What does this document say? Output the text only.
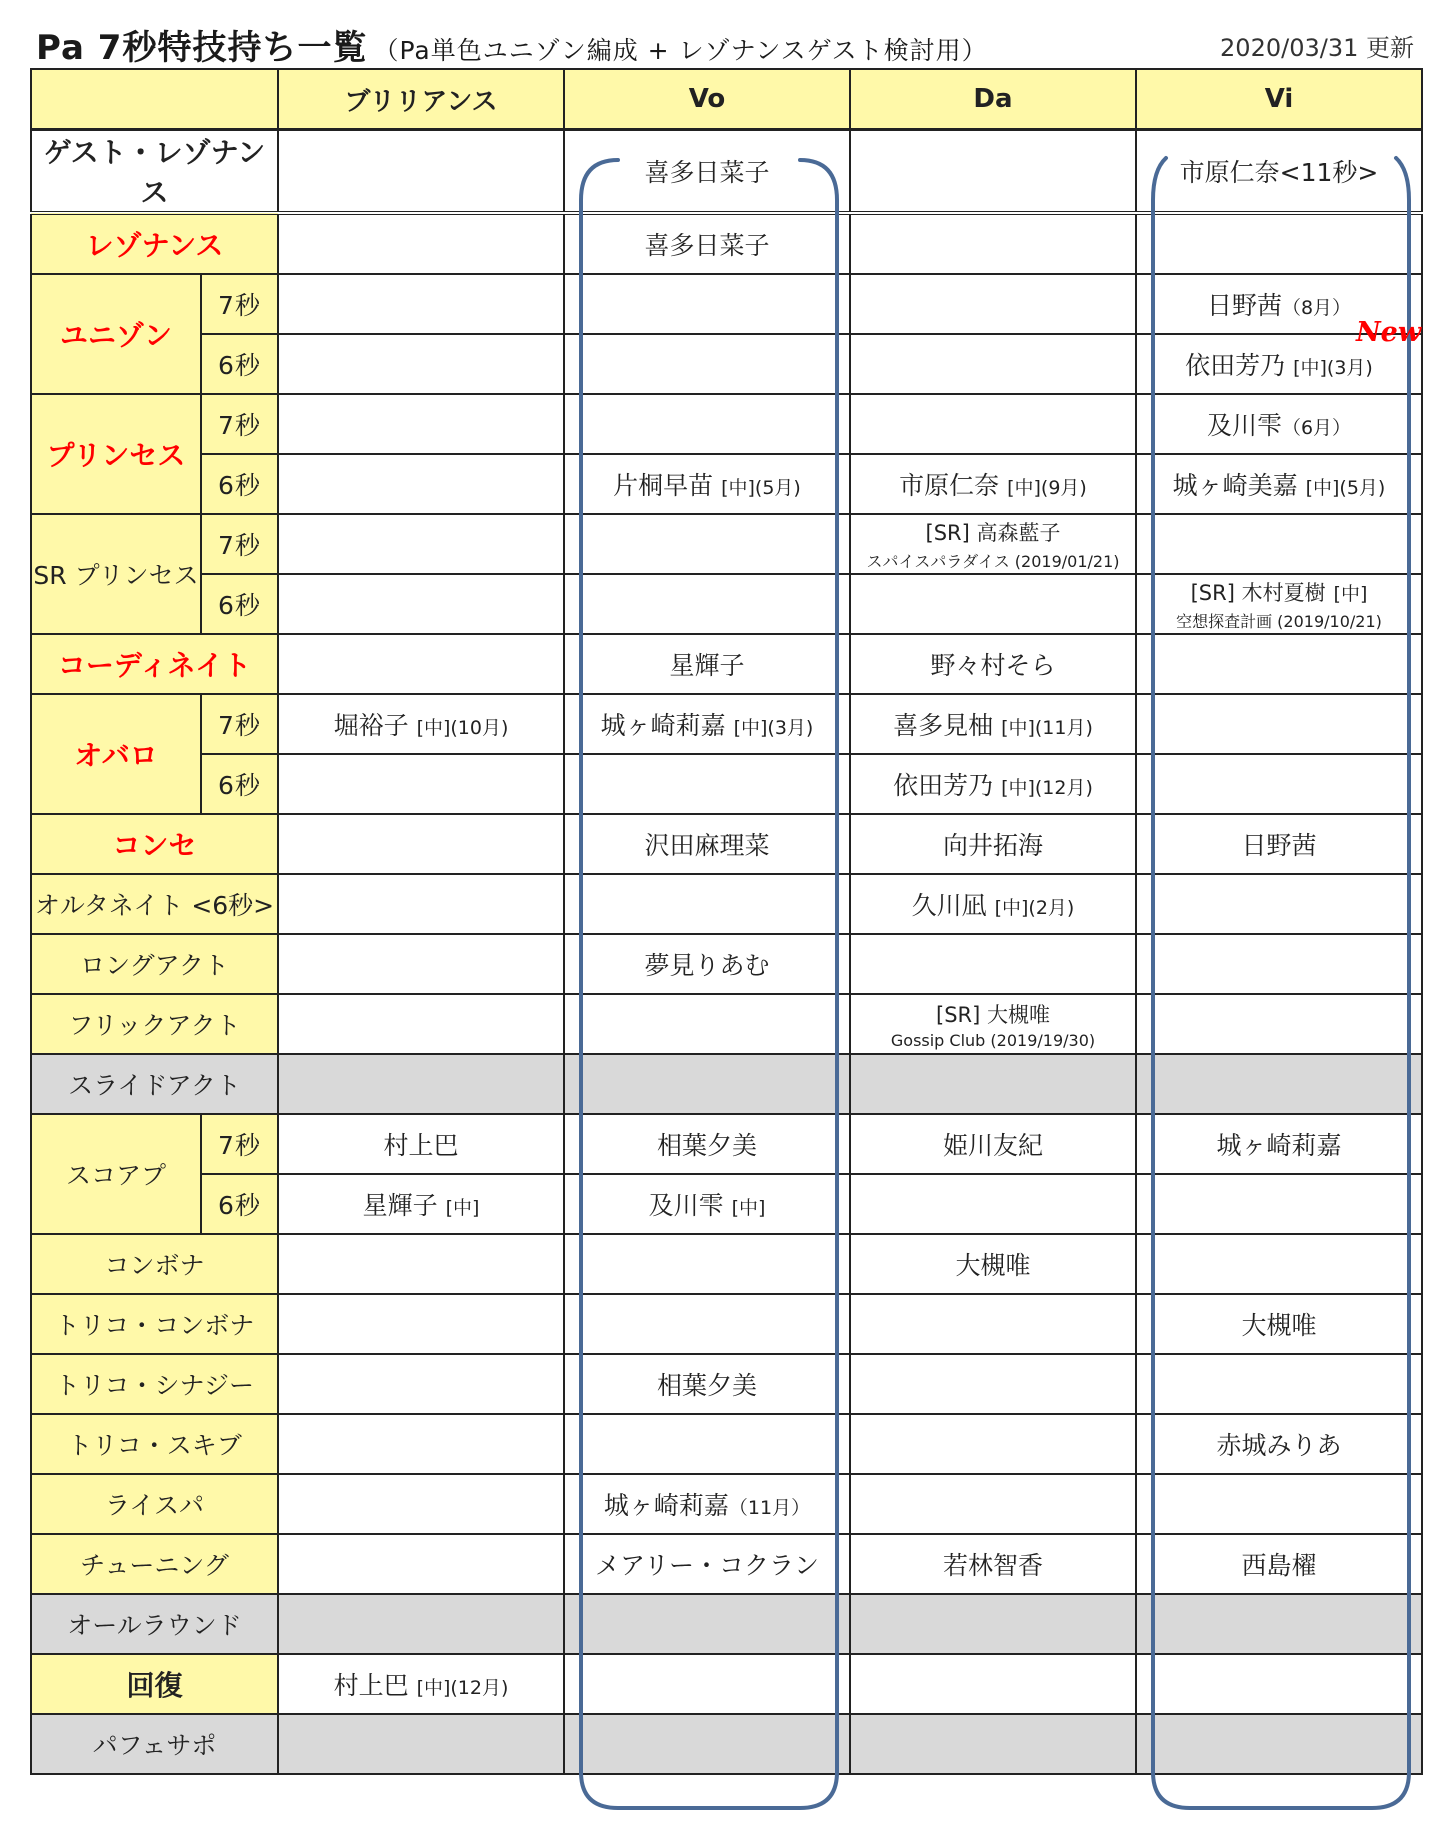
Pa 7秒特技持ち一覧 （Pa単色ユニゾン編成 + レゾナンスゲスト検討用）	2020/03/31 更新
		ブリリアンス	Vo	Da	Vi
ゲスト・レゾナンス			喜多日菜子		市原仁奈<11秒>
レゾナンス			喜多日菜子		
ユニゾン	7秒				日野茜（8月）
	6秒				依田芳乃 [中](3月)
プリンセス	7秒				及川雫（6月）
	6秒		片桐早苗 [中](5月)	市原仁奈 [中](9月)	城ヶ崎美嘉 [中](5月)
SR プリンセス	7秒			[SR] 高森藍子
スパイスパラダイス (2019/01/21)	

	6秒				[SR] 木村夏樹 [中]
空想探査計画 (2019/10/21)

コーディネイト			星輝子	野々村そら	
オバロ	7秒	堀裕子 [中](10月)	城ヶ崎莉嘉 [中](3月)	喜多見柚 [中](11月)	
	6秒			依田芳乃 [中](12月)	
コンセ			沢田麻理菜	向井拓海	日野茜
オルタネイト <6秒>				久川凪 [中](2月)	
ロングアクト			夢見りあむ		
フリックアクト				[SR] 大槻唯
Gossip Club (2019/19/30)	

スライドアクト					
スコアプ	7秒	村上巴	相葉夕美	姫川友紀	城ヶ崎莉嘉
	6秒	星輝子 [中]	及川雫 [中]		
コンボナ				大槻唯	
トリコ・コンボナ					大槻唯
トリコ・シナジー			相葉夕美		
トリコ・スキブ					赤城みりあ
ライスパ			城ヶ崎莉嘉（11月）		
チューニング			メアリー・コクラン	若林智香	西島櫂
オールラウンド					
回復		村上巴 [中](12月)			
パフェサポ					
New
